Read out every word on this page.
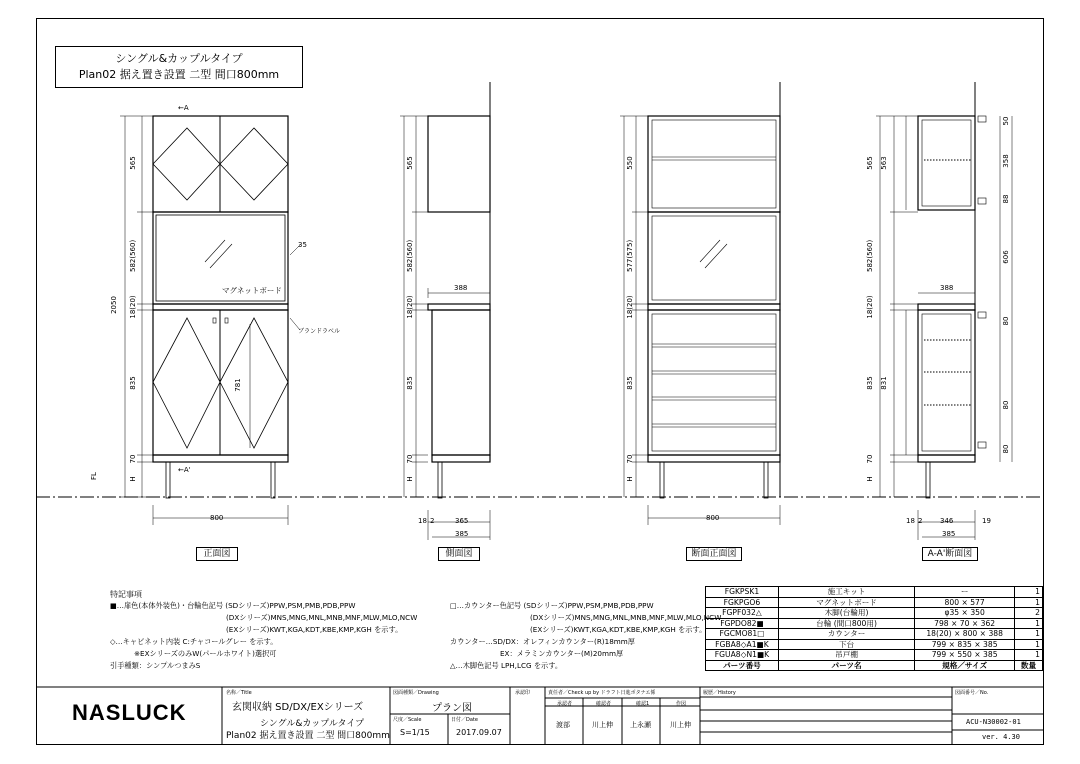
シングル&カップルタイプ
Plan02 据え置き設置 二型 間口800mm
←A
←A'
マグネットボード
35
ブランドラベル
800
FL
2050
565
582(560)
18(20)
835
70
H
781
正面図
565
582(560)
18(20)
835
70
H
388
18 2	365
385
側面図
550
577(575)
18(20)
835
70
H
800
断面正面図
565 563
582(560)
18(20)
835 831
70
H
388
50
358
88
606
80
80
80
18 2	346	19
385
A-A'断面図
特記事項
■…扉色(本体外装色)・台輪色記号 (SDシリーズ)PPW,PSM,PMB,PDB,PPW
(DXシリーズ)MNS,MNG,MNL,MNB,MNF,MLW,MLO,NCW
(EXシリーズ)KWT,KGA,KDT,KBE,KMP,KGH を示す。
◇…キャビネット内装 C:チャコールグレー を示す。
※EXシリーズのみW(パールホワイト)選択可
引手種類：シンプルつまみS
□…カウンター色記号 (SDシリーズ)PPW,PSM,PMB,PDB,PPW
(DXシリーズ)MNS,MNG,MNL,MNB,MNF,MLW,MLO,NCW
(EXシリーズ)KWT,KGA,KDT,KBE,KMP,KGH を示す。
カウンター…SD/DX：オレフィンカウンター(R)18mm厚
EX：メラミンカウンター(M)20mm厚
△…木脚色記号 LPH,LCG を示す。
FGKPSK1	施工キット	ー	1
FGKPGO6	マグネットボード	800 × 577	1
FGPF032△	木脚(台輪用)	φ35 × 350	2
FGPDO82■	台輪 (間口800用)	798 × 70 × 362	1
FGCMO81□	カウンター	18(20) × 800 × 388	1
FGBA8◇A1■K	下台	799 × 835 × 385	1
FGUA8◇N1■K	吊戸棚	799 × 550 × 385	1
パーツ番号	パーツ名	規格／サイズ	数量
NASLUCK
名称／Title
玄関収納 SD/DX/EXシリーズ
シングル&カップルタイプ
Plan02 据え置き設置 二型 間口800mm
図面種類／Drawing
プラン図
尺度／Scale
S=1/15
日付／Date
2017.09.07
承認印	責任者／Check up by ドラフト日進ポタナエ係
承認者	確認者	確認1	作図
渡部	川上伸 上永瀬	川上伸
履歴／History	図面番号／No.
ACU-N30002-01
ver. 4.30
